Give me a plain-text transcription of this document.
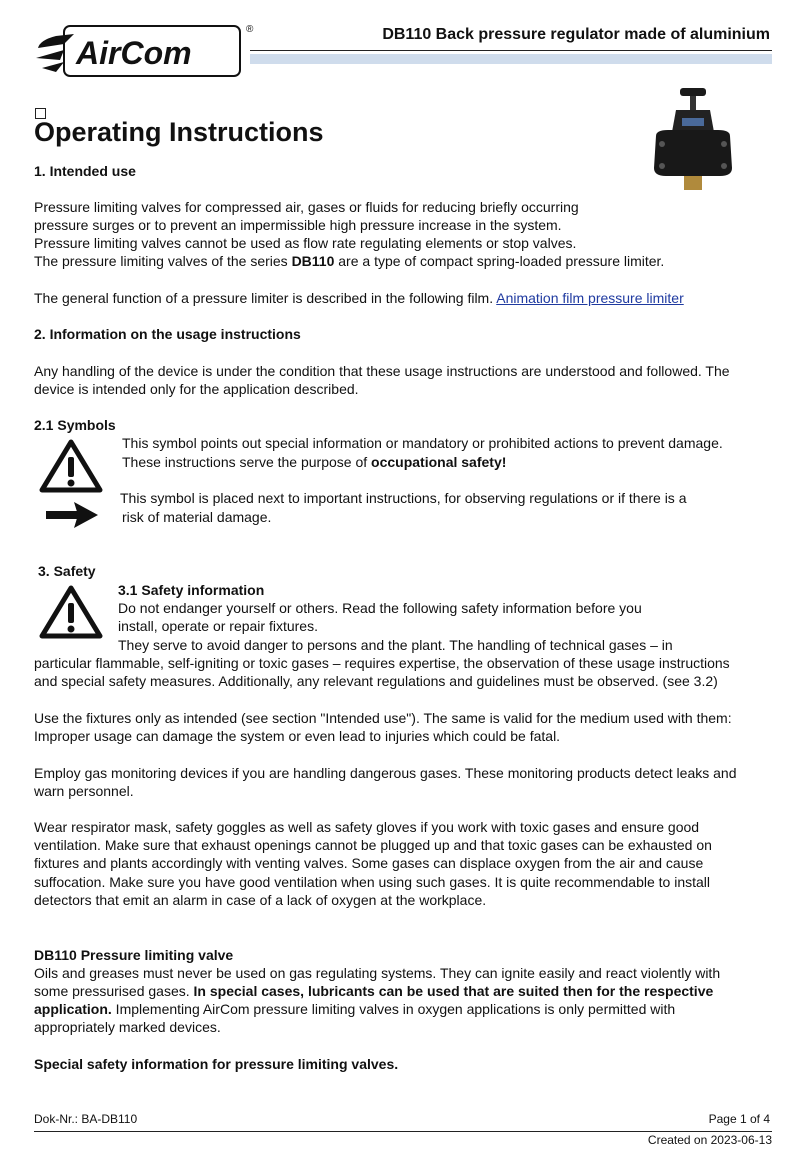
®
AirCom
DB110 Back pressure regulator made of aluminium
Operating Instructions
1. Intended use
Pressure limiting valves for compressed air, gases or fluids for reducing briefly occurring
pressure surges or to prevent an impermissible high pressure increase in the system.
Pressure limiting valves cannot be used as flow rate regulating elements or stop valves.
The pressure limiting valves of the series DB110 are a type of compact spring-loaded pressure limiter.
The general function of a pressure limiter is described in the following film. Animation film pressure limiter
2. Information on the usage instructions
Any handling of the device is under the condition that these usage instructions are understood and followed. The
device is intended only for the application described.
2.1 Symbols
This symbol points out special information or mandatory or prohibited actions to prevent damage.
These instructions serve the purpose of occupational safety!
This symbol is placed next to important instructions, for observing regulations or if there is a
risk of material damage.
3. Safety
3.1 Safety information
Do not endanger yourself or others. Read the following safety information before you
install, operate or repair fixtures.
They serve to avoid danger to persons and the plant. The handling of technical gases – in
particular flammable, self-igniting or toxic gases – requires expertise, the observation of these usage instructions
and special safety measures. Additionally, any relevant regulations and guidelines must be observed. (see 3.2)
Use the fixtures only as intended (see section "Intended use"). The same is valid for the medium used with them:
Improper usage can damage the system or even lead to injuries which could be fatal.
Employ gas monitoring devices if you are handling dangerous gases. These monitoring products detect leaks and
warn personnel.
Wear respirator mask, safety goggles as well as safety gloves if you work with toxic gases and ensure good
ventilation. Make sure that exhaust openings cannot be plugged up and that toxic gases can be exhausted on
fixtures and plants accordingly with venting valves. Some gases can displace oxygen from the air and cause
suffocation. Make sure you have good ventilation when using such gases. It is quite recommendable to install
detectors that emit an alarm in case of a lack of oxygen at the workplace.
DB110 Pressure limiting valve
Oils and greases must never be used on gas regulating systems. They can ignite easily and react violently with
some pressurised gases. In special cases, lubricants can be used that are suited then for the respective
application. Implementing AirCom pressure limiting valves in oxygen applications is only permitted with
appropriately marked devices.
Special safety information for pressure limiting valves.
Dok-Nr.: BA-DB110	Page 1 of 4
Created on 2023-06-13
